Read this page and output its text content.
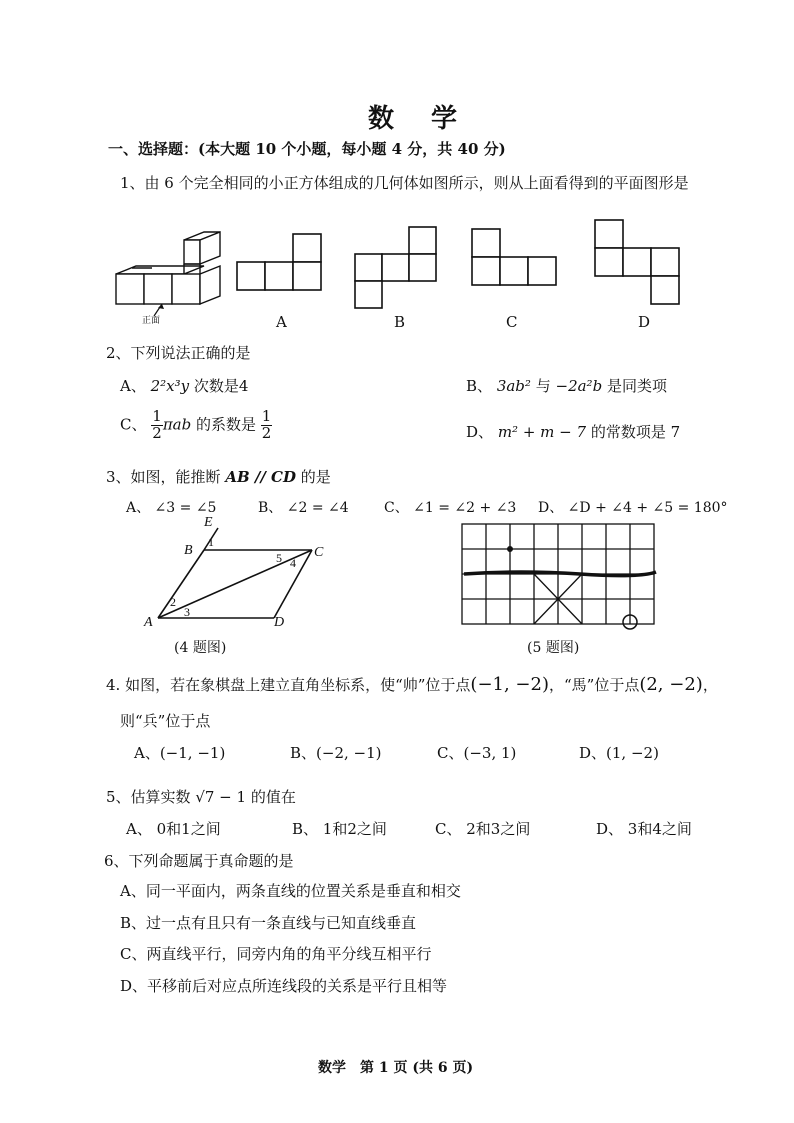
数 学
一、选择题：(本大题 10 个小题，每小题 4 分，共 40 分)
1、由 6 个完全相同的小正方体组成的几何体如图所示，则从上面看得到的平面图形是
正面	A	B	C	D
2、下列说法正确的是
A、 2²x³y 次数是4	B、 3ab² 与 −2a²b 是同类项
C、 $\frac{1}{2}$ πab 的系数是 $\frac{1}{2}$	D、 m² + m − 7 的常数项是 7
3、如图，能推断 AB // CD 的是
A、 ∠3 = ∠5	B、 ∠2 = ∠4	C、 ∠1 = ∠2 + ∠3 D、 ∠D + ∠4 + ∠5 = 180°
E
B	C
A	D
1
2
3
4
5
(4 题图)	(5 题图)
4. 如图，若在象棋盘上建立直角坐标系，使“帅”位于点(−1, −2)，“馬”位于点(2, −2)，
则“兵”位于点
A、(−1, −1)	B、(−2, −1)	C、(−3, 1)	D、(1, −2)
5、估算实数 √7 − 1 的值在
A、 0和1之间	B、 1和2之间	C、 2和3之间	D、 3和4之间
6、下列命题属于真命题的是
A、同一平面内，两条直线的位置关系是垂直和相交
B、过一点有且只有一条直线与已知直线垂直
C、两直线平行，同旁内角的角平分线互相平行
D、平移前后对应点所连线段的关系是平行且相等
数学　第 1 页 (共 6 页)
